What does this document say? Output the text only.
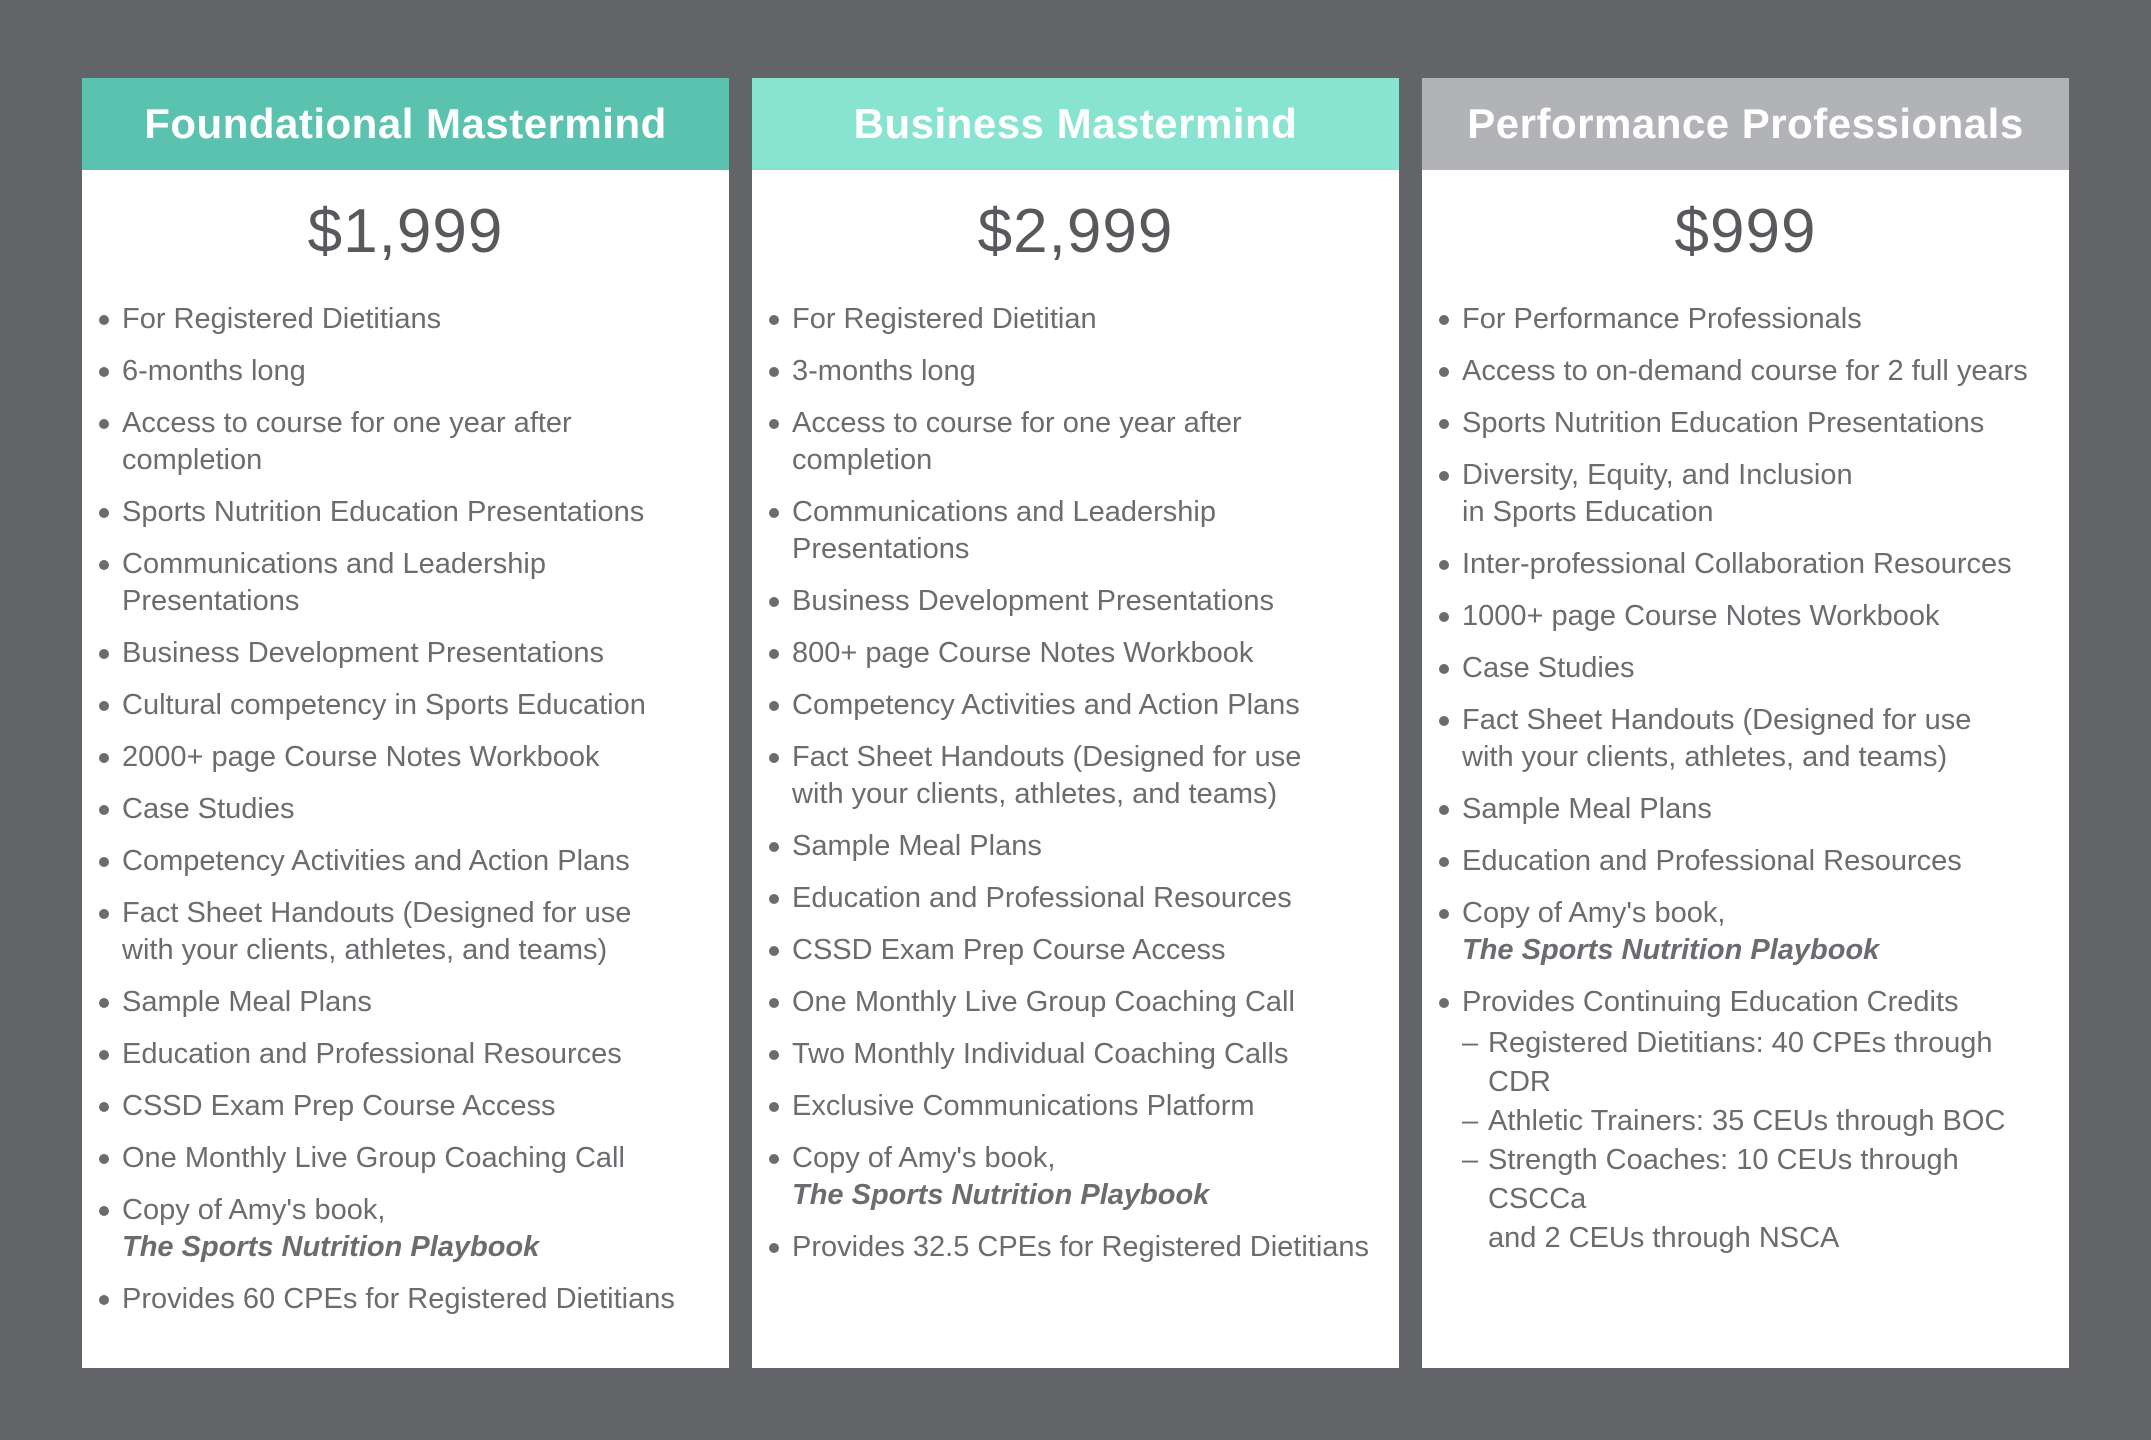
Foundational Mastermind
$1,999
For Registered Dietitians
6-months long
Access to course for one year after completion
Sports Nutrition Education Presentations
Communications and Leadership Presentations
Business Development Presentations
Cultural competency in Sports Education
2000+ page Course Notes Workbook
Case Studies
Competency Activities and Action Plans
Fact Sheet Handouts (Designed for use
with your clients, athletes, and teams)
Sample Meal Plans
Education and Professional Resources
CSSD Exam Prep Course Access
One Monthly Live Group Coaching Call
Copy of Amy's book,
The Sports Nutrition Playbook
Provides 60 CPEs for Registered Dietitians
Business Mastermind
$2,999
For Registered Dietitian
3-months long
Access to course for one year after completion
Communications and Leadership Presentations
Business Development Presentations
800+ page Course Notes Workbook
Competency Activities and Action Plans
Fact Sheet Handouts (Designed for use
with your clients, athletes, and teams)
Sample Meal Plans
Education and Professional Resources
CSSD Exam Prep Course Access
One Monthly Live Group Coaching Call
Two Monthly Individual Coaching Calls
Exclusive Communications Platform
Copy of Amy's book,
The Sports Nutrition Playbook
Provides 32.5 CPEs for Registered Dietitians
Performance Professionals
$999
For Performance Professionals
Access to on-demand course for 2 full years
Sports Nutrition Education Presentations
Diversity, Equity, and Inclusion
in Sports Education
Inter-professional Collaboration Resources
1000+ page Course Notes Workbook
Case Studies
Fact Sheet Handouts (Designed for use
with your clients, athletes, and teams)
Sample Meal Plans
Education and Professional Resources
Copy of Amy's book,
The Sports Nutrition Playbook
Provides Continuing Education Credits
– Registered Dietitians: 40 CPEs through CDR
– Athletic Trainers: 35 CEUs through BOC
– Strength Coaches: 10 CEUs through CSCCa
and 2 CEUs through NSCA
